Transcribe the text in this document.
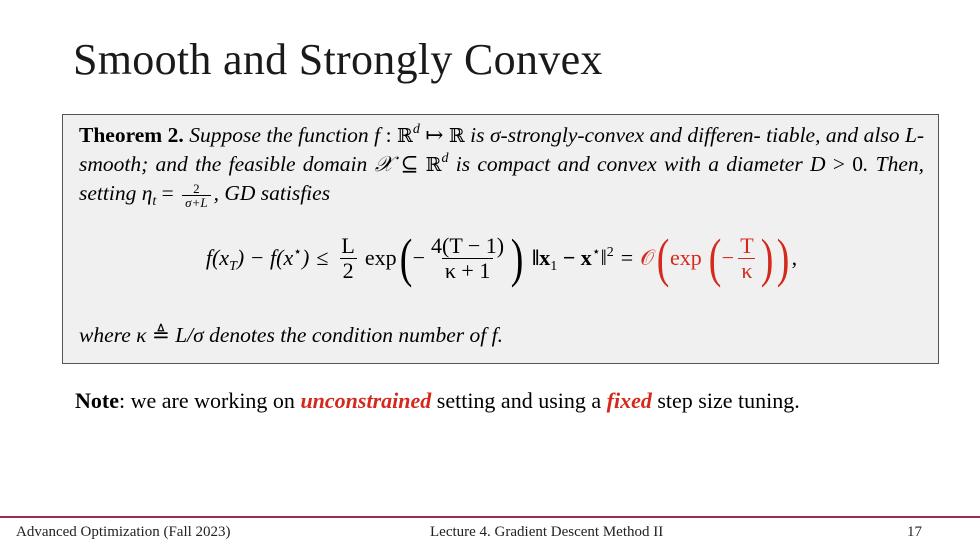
Smooth and Strongly Convex
Theorem 2. Suppose the function f : ℝ$^d$ ↦ ℝ is σ-strongly-convex and differen- tiable, and also L-smooth; and the feasible domain 𝒳 ⊆ ℝ$^d$ is compact and convex with a diameter D > 0. Then, setting $\eta_t = \frac{2}{\sigma+L}$ , GD satisfies
$f(x_T) - f(x^⋆) \le \frac{L}{2}$ exp ( − $\frac{4(T - 1)}{\kappa + 1}$ ) $‖x_1$ − x⋆‖$^2$ = 𝒪 ( exp ( − $\frac{T}{\kappa}$ ) ) ,
where κ ≜ L/σ denotes the condition number of f.
Note: we are working on unconstrained setting and using a fixed step size tuning.
Advanced Optimization (Fall 2023)	Lecture 4. Gradient Descent Method II	17
